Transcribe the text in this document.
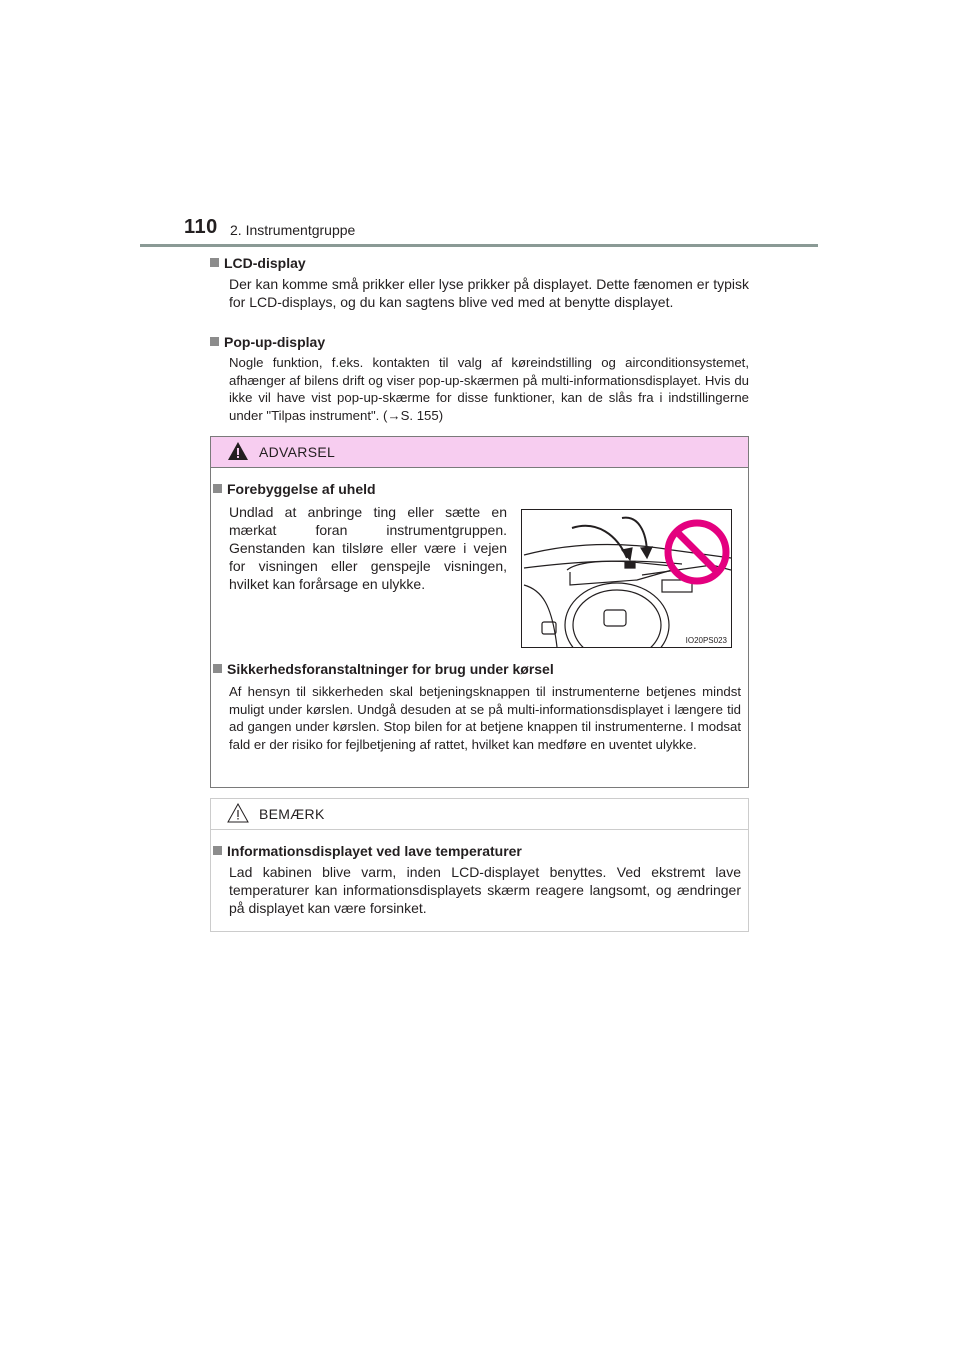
110 2. Instrumentgruppe
LCD-display
Der kan komme små prikker eller lyse prikker på displayet. Dette fænomen er typisk for LCD-displays, og du kan sagtens blive ved med at benytte displayet.
Pop-up-display
Nogle funktion, f.eks. kontakten til valg af køreindstilling og airconditionsystemet, afhænger af bilens drift og viser pop-up-skærmen på multi-informationsdisplayet. Hvis du ikke vil have vist pop-up-skærme for disse funktioner, kan de slås fra i indstillingerne under "Tilpas instrument". (→S. 155)
ADVARSEL
Forebyggelse af uheld
Undlad at anbringe ting eller sætte en mærkat foran instrumentgruppen. Genstanden kan tilsløre eller være i vejen for visningen eller genspejle visningen, hvilket kan forårsage en ulykke.
IO20PS023
Sikkerhedsforanstaltninger for brug under kørsel
Af hensyn til sikkerheden skal betjeningsknappen til instrumenterne betjenes mindst muligt under kørslen. Undgå desuden at se på multi-informationsdisplayet i længere tid ad gangen under kørslen. Stop bilen for at betjene knappen til instrumenterne. I modsat fald er der risiko for fejlbetjening af rattet, hvilket kan medføre en uventet ulykke.
BEMÆRK
Informationsdisplayet ved lave temperaturer
Lad kabinen blive varm, inden LCD-displayet benyttes. Ved ekstremt lave temperaturer kan informationsdisplayets skærm reagere langsomt, og ændringer på displayet kan være forsinket.
